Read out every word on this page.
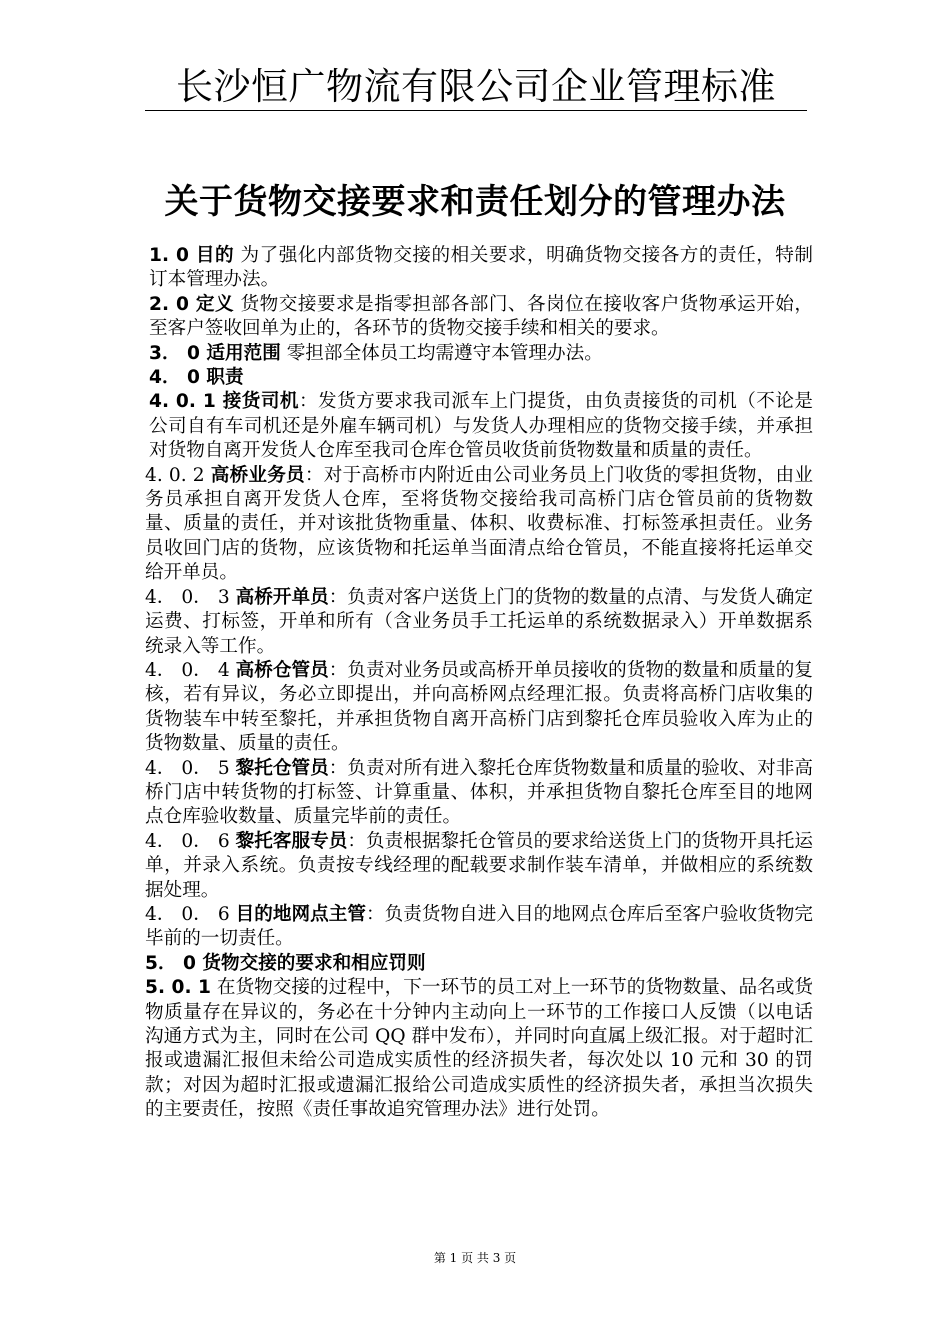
长沙恒广物流有限公司企业管理标准
关于货物交接要求和责任划分的管理办法

1. 0 目的 为了强化内部货物交接的相关要求，明确货物交接各方的责任，特制订本管理办法。

2. 0 定义 货物交接要求是指零担部各部门、各岗位在接收客户货物承运开始，至客户签收回单为止的，各环节的货物交接手续和相关的要求。

3． 0 适用范围 零担部全体员工均需遵守本管理办法。

4． 0 职责

4. 0. 1 接货司机：发货方要求我司派车上门提货，由负责接货的司机（不论是公司自有车司机还是外雇车辆司机）与发货人办理相应的货物交接手续，并承担对货物自离开发货人仓库至我司仓库仓管员收货前货物数量和质量的责任。

4. 0. 2 高桥业务员：对于高桥市内附近由公司业务员上门收货的零担货物，由业务员承担自离开发货人仓库，至将货物交接给我司高桥门店仓管员前的货物数量、质量的责任，并对该批货物重量、体积、收费标准、打标签承担责任。业务员收回门店的货物，应该货物和托运单当面清点给仓管员，不能直接将托运单交给开单员。

4． 0． 3 高桥开单员：负责对客户送货上门的货物的数量的点清、与发货人确定运费、打标签，开单和所有（含业务员手工托运单的系统数据录入）开单数据系统录入等工作。

4． 0． 4 高桥仓管员：负责对业务员或高桥开单员接收的货物的数量和质量的复核，若有异议，务必立即提出，并向高桥网点经理汇报。负责将高桥门店收集的货物装车中转至黎托，并承担货物自离开高桥门店到黎托仓库员验收入库为止的货物数量、质量的责任。

4． 0． 5 黎托仓管员：负责对所有进入黎托仓库货物数量和质量的验收、对非高桥门店中转货物的打标签、计算重量、体积，并承担货物自黎托仓库至目的地网点仓库验收数量、质量完毕前的责任。

4． 0． 6 黎托客服专员：负责根据黎托仓管员的要求给送货上门的货物开具托运单，并录入系统。负责按专线经理的配载要求制作装车清单，并做相应的系统数据处理。

4． 0． 6 目的地网点主管：负责货物自进入目的地网点仓库后至客户验收货物完毕前的一切责任。

5． 0 货物交接的要求和相应罚则

5. 0. 1 在货物交接的过程中，下一环节的员工对上一环节的货物数量、品名或货物质量存在异议的，务必在十分钟内主动向上一环节的工作接口人反馈（以电话沟通方式为主，同时在公司 QQ 群中发布），并同时向直属上级汇报。对于超时汇报或遗漏汇报但未给公司造成实质性的经济损失者，每次处以 10 元和 30 的罚款；对因为超时汇报或遗漏汇报给公司造成实质性的经济损失者，承担当次损失的主要责任，按照《责任事故追究管理办法》进行处罚。

第 1 页 共 3 页
